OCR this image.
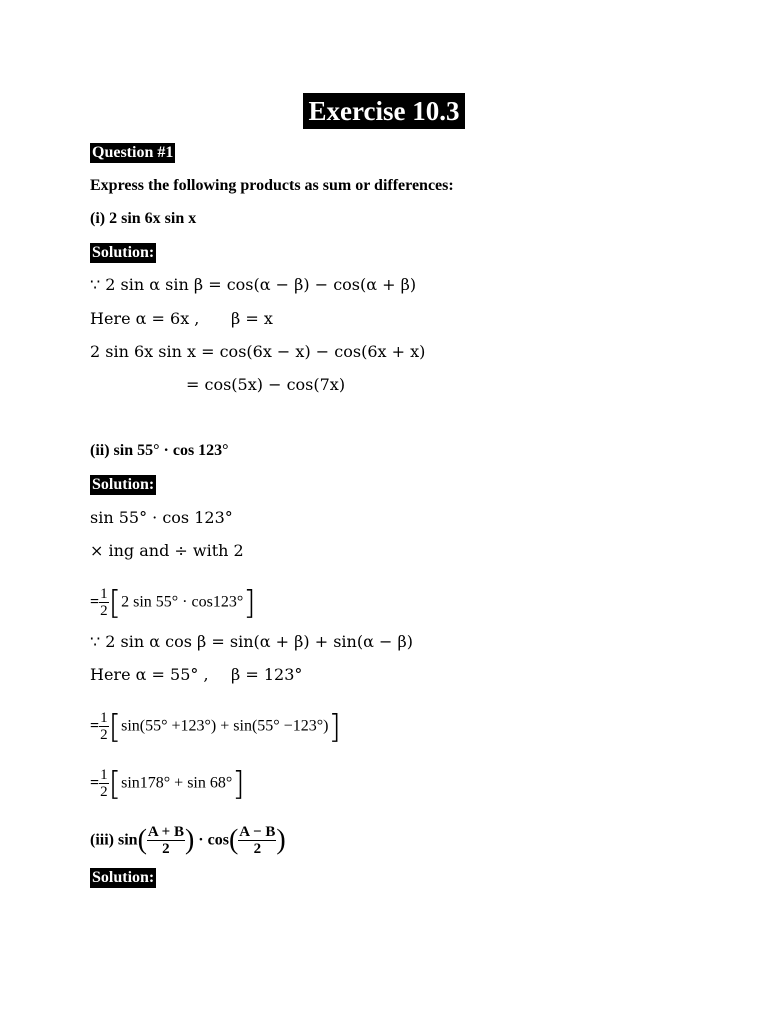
Exercise 10.3
Question #1
Express the following products as sum or differences:
(i) 2 sin 6x sin x
Solution:
∵ 2 sin α sin β = cos(α − β) − cos(α + β)
Here α = 6x , β = x
2 sin 6x sin x = cos(6x − x) − cos(6x + x)
= cos(5x) − cos(7x)
(ii) sin 55° · cos 123°
Solution:
sin 55° · cos 123°
× ing and ÷ with 2
= $\frac{1}{2} [2$ sin 55° · cos123°]
∵ 2 sin α cos β = sin(α + β) + sin(α − β)
Here α = 55° , β = 123°
= $\frac{1}{2} [\sin(55^\circ +123^\circ) + \sin(55^\circ -123^\circ)]$
= $\frac{1}{2} [\sin 178^\circ + \sin 68^\circ]$
(iii) $\sin( \frac{A + B}{2}$ ) · $\cos( \frac{A - B}{2}$ )
Solution:
